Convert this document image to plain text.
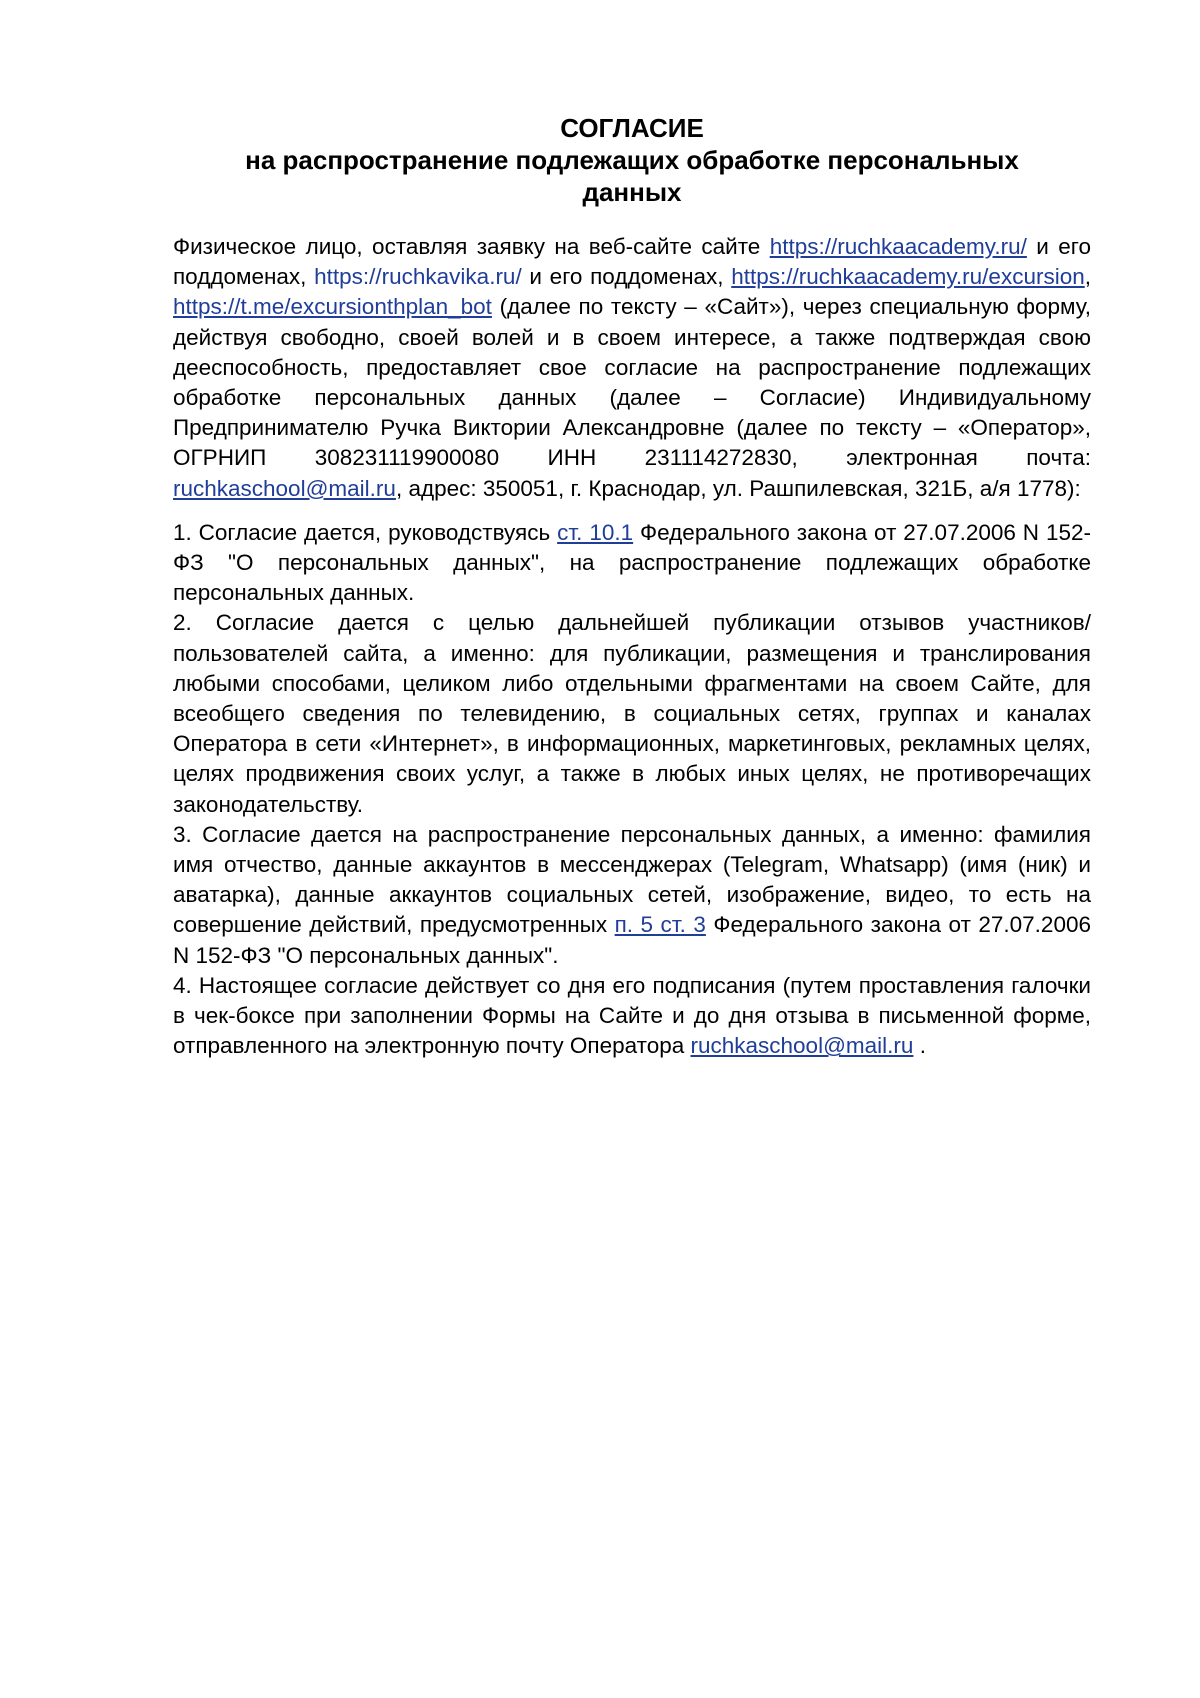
СОГЛАСИЕ
на распространение подлежащих обработке персональных
данных

Физическое лицо, оставляя заявку на веб-сайте сайте https://ruchkaacademy.ru/ и его поддоменах, https://ruchkavika.ru/ и его поддоменах, https://ruchkaacademy.ru/excursion, https://t.me/excursionthplan_bot (далее по тексту – «Сайт»), через специальную форму, действуя свободно, своей волей и в своем интересе, а также подтверждая свою дееспособность, предоставляет свое согласие на распространение подлежащих обработке персональных данных (далее – Согласие) Индивидуальному Предпринимателю Ручка Виктории Александровне (далее по тексту – «Оператор», ОГРНИП 308231119900080 ИНН 231114272830, электронная почта: ruchkaschool@mail.ru, адрес: 350051, г. Краснодар, ул. Рашпилевская, 321Б, а/я 1778):

1. Согласие дается, руководствуясь ст. 10.1 Федерального закона от 27.07.2006 N 152-ФЗ "О персональных данных", на распространение подлежащих обработке персональных данных.

2. Согласие дается с целью дальнейшей публикации отзывов участников/пользователей сайта, а именно: для публикации, размещения и транслирования любыми способами, целиком либо отдельными фрагментами на своем Сайте, для всеобщего сведения по телевидению, в социальных сетях, группах и каналах Оператора в сети «Интернет», в информационных, маркетинговых, рекламных целях, целях продвижения своих услуг, а также в любых иных целях, не противоречащих законодательству.

3. Согласие дается на распространение персональных данных, а именно: фамилия имя отчество, данные аккаунтов в мессенджерах (Telegram, Whatsapp) (имя (ник) и аватарка), данные аккаунтов социальных сетей, изображение, видео, то есть на совершение действий, предусмотренных п. 5 ст. 3 Федерального закона от 27.07.2006 N 152-ФЗ "О персональных данных".

4. Настоящее согласие действует со дня его подписания (путем проставления галочки в чек-боксе при заполнении Формы на Сайте и до дня отзыва в письменной форме, отправленного на электронную почту Оператора ruchkaschool@mail.ru .
